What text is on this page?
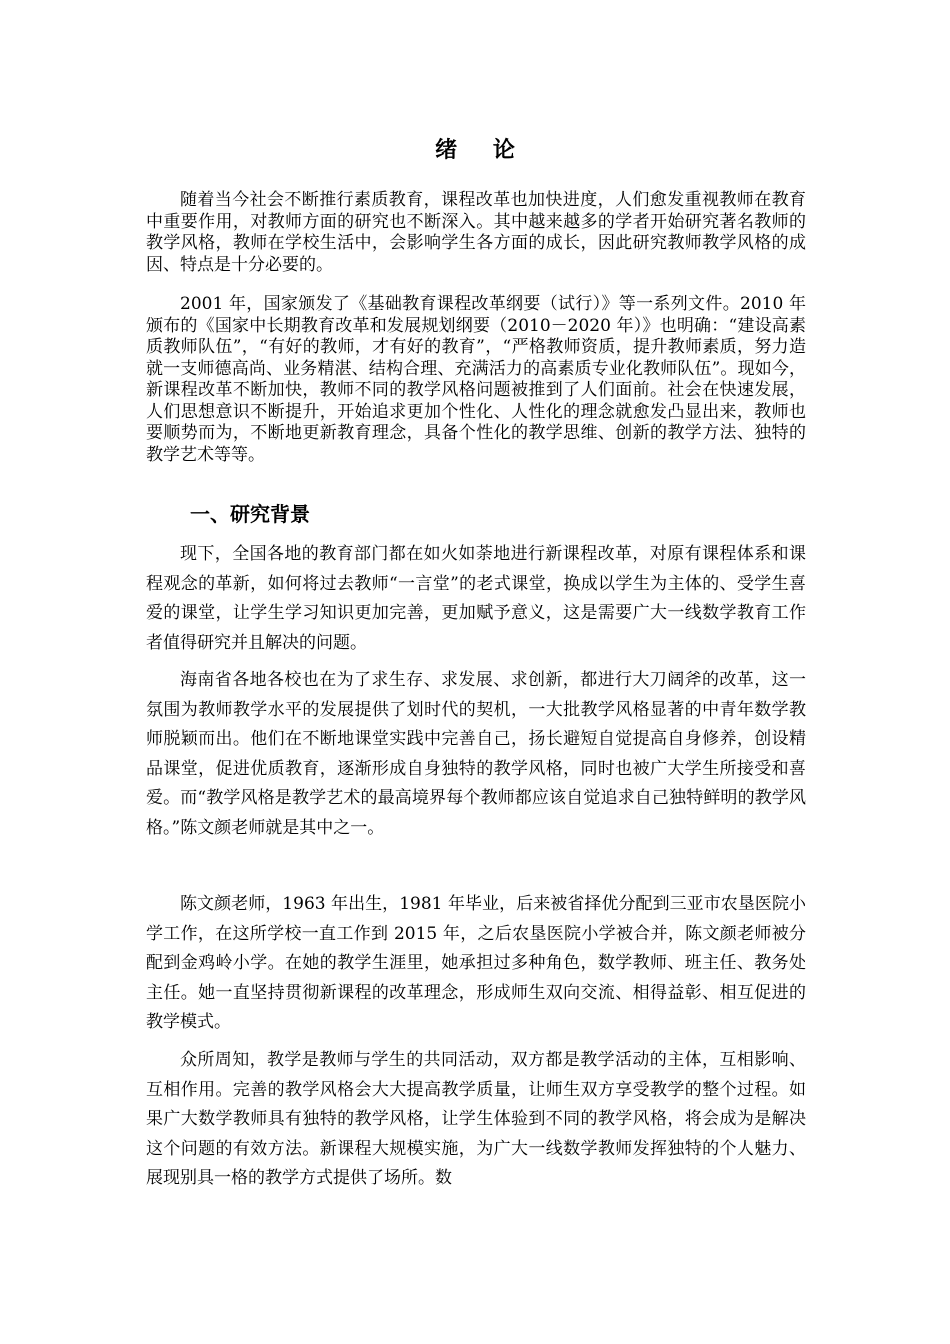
绪 论

随着当今社会不断推行素质教育，课程改革也加快进度，人们愈发重视教师在教育中重要作用，对教师方面的研究也不断深入。其中越来越多的学者开始研究著名教师的教学风格，教师在学校生活中，会影响学生各方面的成长，因此研究教师教学风格的成因、特点是十分必要的。

2001 年，国家颁发了《基础教育课程改革纲要（试行）》等一系列文件。2010 年颁布的《国家中长期教育改革和发展规划纲要（2010－2020 年）》也明确：“建设高素质教师队伍”，“有好的教师，才有好的教育”，“严格教师资质，提升教师素质，努力造就一支师德高尚、业务精湛、结构合理、充满活力的高素质专业化教师队伍”。现如今，新课程改革不断加快，教师不同的教学风格问题被推到了人们面前。社会在快速发展，人们思想意识不断提升，开始追求更加个性化、人性化的理念就愈发凸显出来，教师也要顺势而为，不断地更新教育理念，具备个性化的教学思维、创新的教学方法、独特的教学艺术等等。

一、研究背景

现下，全国各地的教育部门都在如火如荼地进行新课程改革，对原有课程体系和课程观念的革新，如何将过去教师“一言堂”的老式课堂，换成以学生为主体的、受学生喜爱的课堂，让学生学习知识更加完善，更加赋予意义，这是需要广大一线数学教育工作者值得研究并且解决的问题。

海南省各地各校也在为了求生存、求发展、求创新，都进行大刀阔斧的改革，这一氛围为教师教学水平的发展提供了划时代的契机，一大批教学风格显著的中青年数学教师脱颖而出。他们在不断地课堂实践中完善自己，扬长避短自觉提高自身修养，创设精品课堂，促进优质教育，逐渐形成自身独特的教学风格，同时也被广大学生所接受和喜爱。而“教学风格是教学艺术的最高境界每个教师都应该自觉追求自己独特鲜明的教学风格。”陈文颜老师就是其中之一。

陈文颜老师，1963 年出生，1981 年毕业，后来被省择优分配到三亚市农垦医院小学工作，在这所学校一直工作到 2015 年，之后农垦医院小学被合并，陈文颜老师被分配到金鸡岭小学。在她的教学生涯里，她承担过多种角色，数学教师、班主任、教务处主任。她一直坚持贯彻新课程的改革理念，形成师生双向交流、相得益彰、相互促进的教学模式。

众所周知，教学是教师与学生的共同活动，双方都是教学活动的主体，互相影响、互相作用。完善的教学风格会大大提高教学质量，让师生双方享受教学的整个过程。如果广大数学教师具有独特的教学风格，让学生体验到不同的教学风格，将会成为是解决这个问题的有效方法。新课程大规模实施，为广大一线数学教师发挥独特的个人魅力、展现别具一格的教学方式提供了场所。数
